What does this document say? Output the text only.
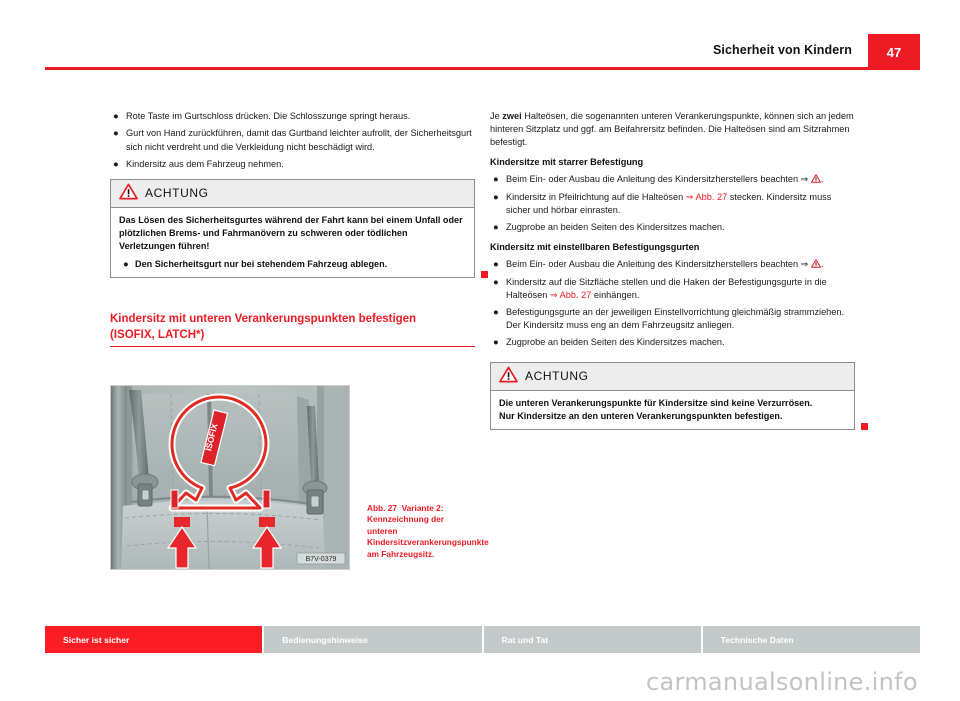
Sicherheit von Kindern	47
● Rote Taste im Gurtschloss drücken. Die Schlosszunge springt heraus.
● Gurt von Hand zurückführen, damit das Gurtband leichter aufrollt, der Sicherheitsgurt sich nicht verdreht und die Verkleidung nicht beschädigt wird.
● Kindersitz aus dem Fahrzeug nehmen.
ACHTUNG
Das Lösen des Sicherheitsgurtes während der Fahrt kann bei einem Unfall oder plötzlichen Brems- und Fahrmanövern zu schweren oder tödlichen Verletzungen führen!
● Den Sicherheitsgurt nur bei stehendem Fahrzeug ablegen.
Kindersitz mit unteren Verankerungspunkten befestigen
(ISOFIX, LATCH*)
ISOFIX
B7V-0379
Abb. 27 Variante 2: Kennzeichnung der unteren Kindersitzverankerungspunkte am Fahrzeugsitz.
Je zwei Halteösen, die sogenannten unteren Verankerungspunkte, können sich an jedem hinteren Sitzplatz und ggf. am Beifahrersitz befinden. Die Halteösen sind am Sitzrahmen befestigt.
Kindersitze mit starrer Befestigung
● Beim Ein- oder Ausbau die Anleitung des Kindersitzherstellers beachten ⇒
.
● Kindersitz in Pfeilrichtung auf die Halteösen ⇒ Abb. 27 stecken. Kindersitz muss sicher und hörbar einrasten.
● Zugprobe an beiden Seiten des Kindersitzes machen.
Kindersitz mit einstellbaren Befestigungsgurten
● Beim Ein- oder Ausbau die Anleitung des Kindersitzherstellers beachten ⇒
.
● Kindersitz auf die Sitzfläche stellen und die Haken der Befestigungsgurte in die Halteösen ⇒ Abb. 27 einhängen.
● Befestigungsgurte an der jeweiligen Einstellvorrichtung gleichmäßig strammziehen. Der Kindersitz muss eng an dem Fahrzeugsitz anliegen.
● Zugprobe an beiden Seiten des Kindersitzes machen.
ACHTUNG
Die unteren Verankerungspunkte für Kindersitze sind keine Verzurrösen.
Nur Kindersitze an den unteren Verankerungspunkten befestigen.
Sicher ist sicher	Bedienungshinweise	Rat und Tat	Technische Daten
carmanualsonline.info
